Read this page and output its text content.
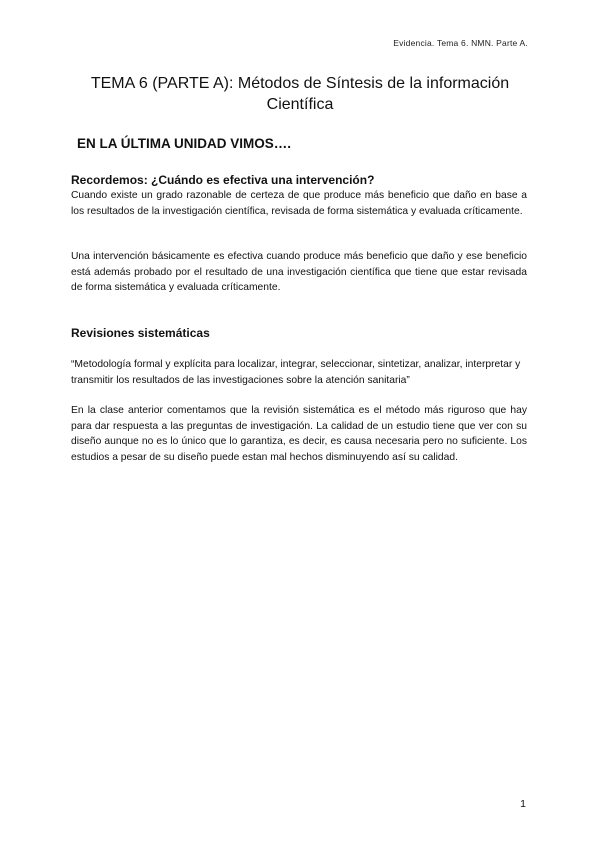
Evidencia. Tema 6. NMN. Parte A.
TEMA 6 (PARTE A): Métodos de Síntesis de la información Científica
EN LA ÚLTIMA UNIDAD VIMOS….
Recordemos: ¿Cuándo es efectiva una intervención?

Cuando existe un grado razonable de certeza de que produce más beneficio que daño en base a los resultados de la investigación científica, revisada de forma sistemática y evaluada críticamente.

Una intervención básicamente es efectiva cuando produce más beneficio que daño y ese beneficio está además probado por el resultado de una investigación científica que tiene que estar revisada de forma sistemática y evaluada críticamente.

Revisiones sistemáticas

“Metodología formal y explícita para localizar, integrar, seleccionar, sintetizar, analizar, interpretar y transmitir los resultados de las investigaciones sobre la atención sanitaria”

En la clase anterior comentamos que la revisión sistemática es el método más riguroso que hay para dar respuesta a las preguntas de investigación. La calidad de un estudio tiene que ver con su diseño aunque no es lo único que lo garantiza, es decir, es causa necesaria pero no suficiente. Los estudios a pesar de su diseño puede estan mal hechos disminuyendo así su calidad.

1
